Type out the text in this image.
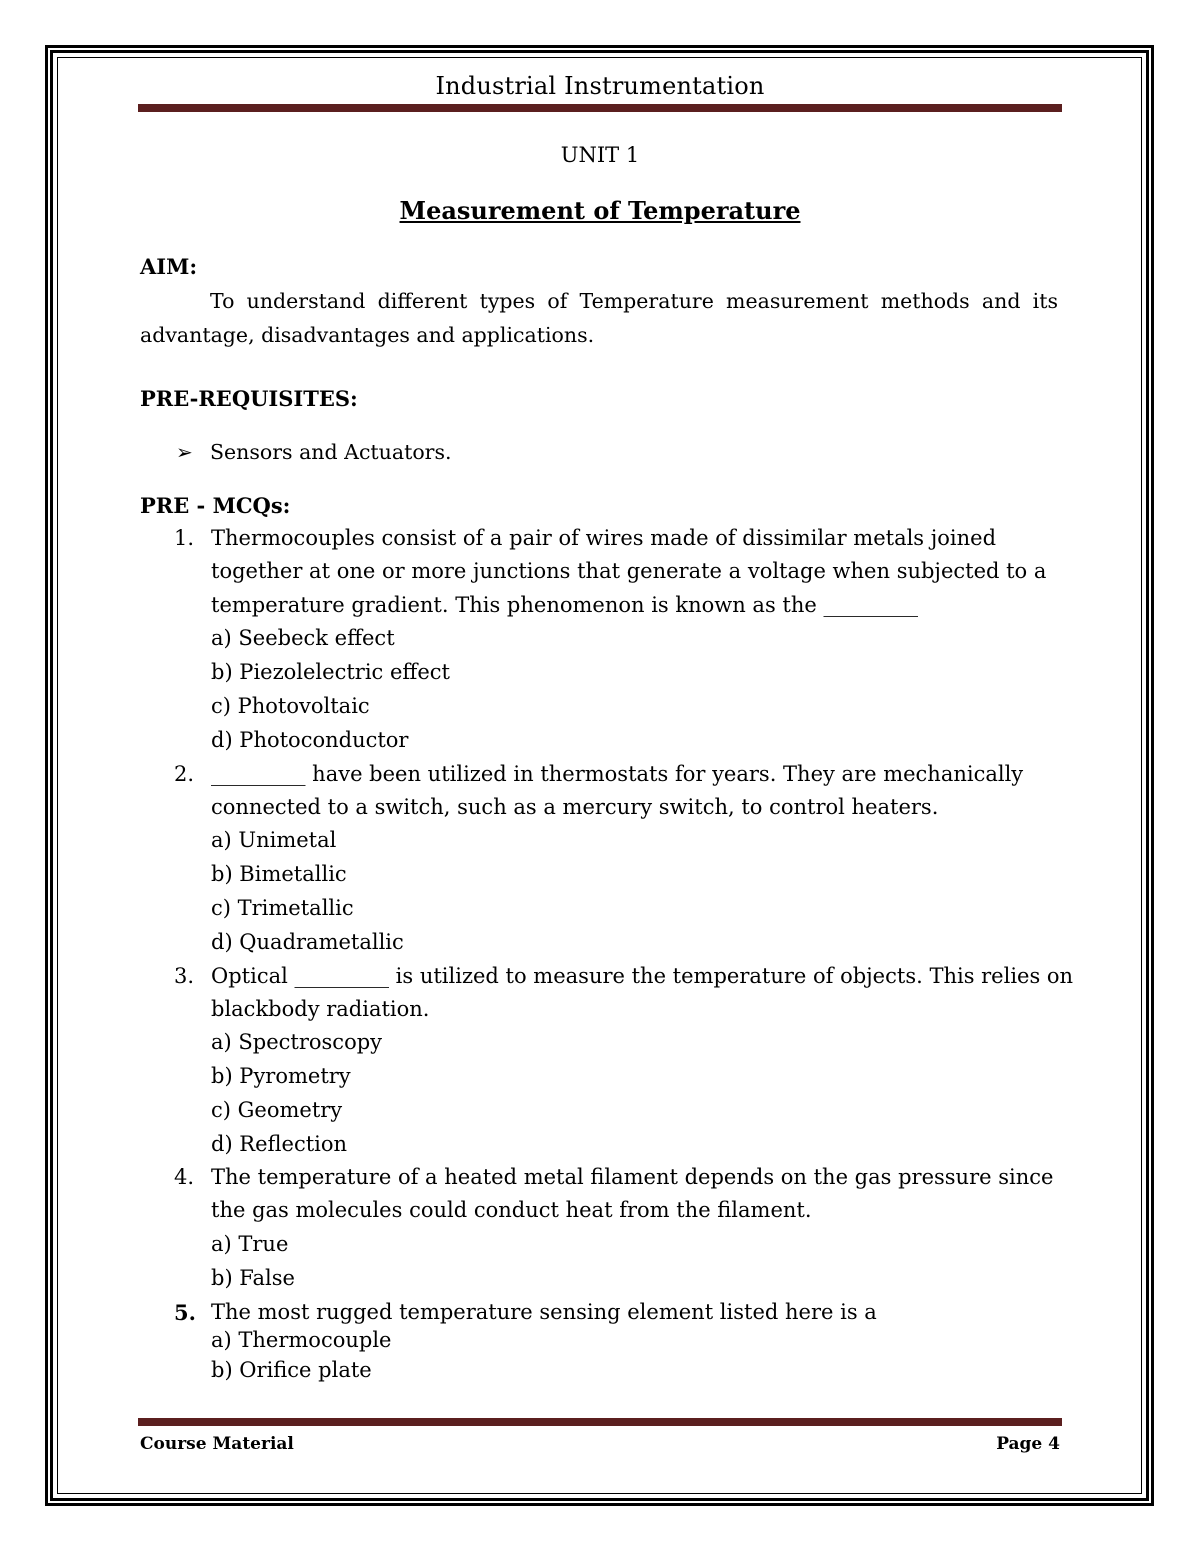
Industrial Instrumentation
UNIT 1
Measurement of Temperature
AIM:

To understand different types of Temperature measurement methods and its advantage, disadvantages and applications.

PRE-REQUISITES:
➢ Sensors and Actuators.
PRE - MCQs:
1. Thermocouples consist of a pair of wires made of dissimilar metals joined
together at one or more junctions that generate a voltage when subjected to a
temperature gradient. This phenomenon is known as the _________
a) Seebeck effect
b) Piezolelectric effect
c) Photovoltaic
d) Photoconductor
2. _________ have been utilized in thermostats for years. They are mechanically
connected to a switch, such as a mercury switch, to control heaters.
a) Unimetal
b) Bimetallic
c) Trimetallic
d) Quadrametallic
3. Optical _________ is utilized to measure the temperature of objects. This relies on
blackbody radiation.
a) Spectroscopy
b) Pyrometry
c) Geometry
d) Reflection
4. The temperature of a heated metal filament depends on the gas pressure since
the gas molecules could conduct heat from the filament.
a) True
b) False
5. The most rugged temperature sensing element listed here is a
a) Thermocouple
b) Orifice plate
Course Material	Page 4
